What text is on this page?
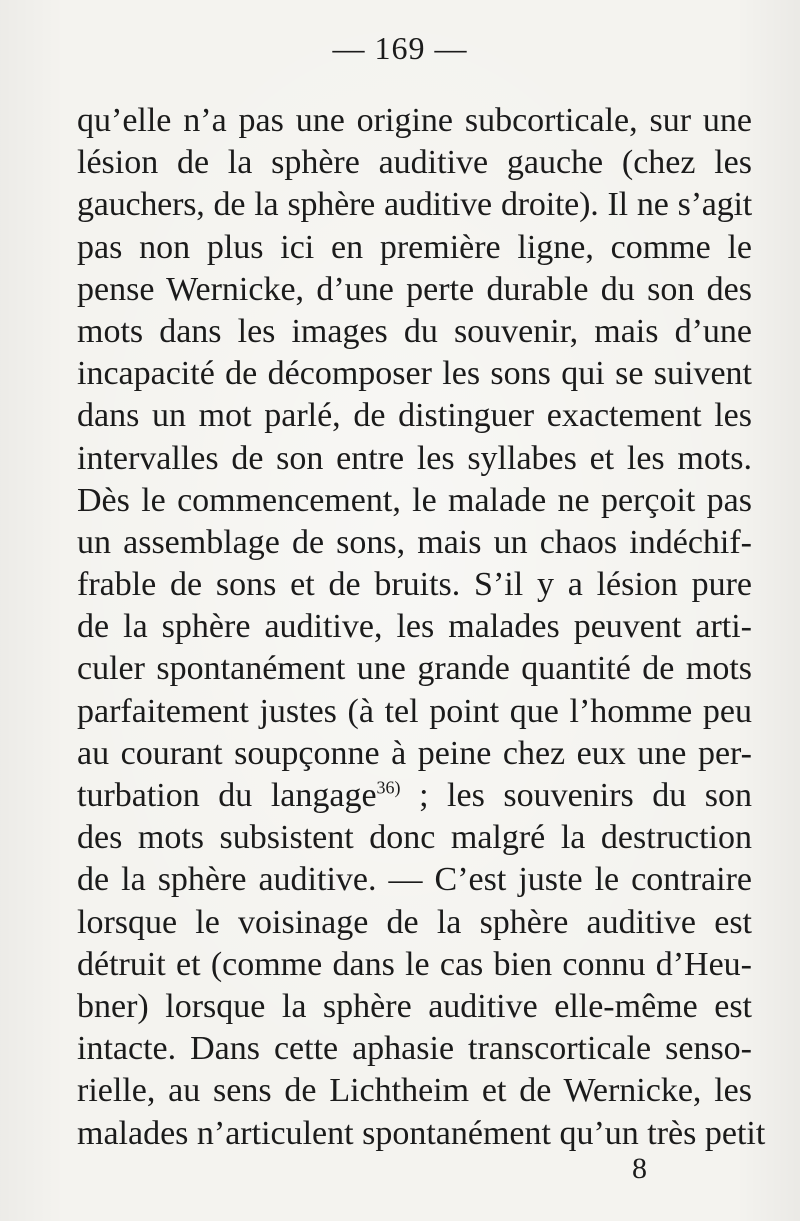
— 169 —
qu’elle n’a pas une origine subcorticale, sur une
lésion de la sphère auditive gauche (chez les
gauchers, de la sphère auditive droite). Il ne s’agit
pas non plus ici en première ligne, comme le
pense Wernicke, d’une perte durable du son des
mots dans les images du souvenir, mais d’une
incapacité de décomposer les sons qui se suivent
dans un mot parlé, de distinguer exactement les
intervalles de son entre les syllabes et les mots.
Dès le commencement, le malade ne perçoit pas
un assemblage de sons, mais un chaos indéchif-
frable de sons et de bruits. S’il y a lésion pure
de la sphère auditive, les malades peuvent arti-
culer spontanément une grande quantité de mots
parfaitement justes (à tel point que l’homme peu
au courant soupçonne à peine chez eux une per-
turbation du langage$^{36)}$ ; les souvenirs du son
des mots subsistent donc malgré la destruction
de la sphère auditive. — C’est juste le contraire
lorsque le voisinage de la sphère auditive est
détruit et (comme dans le cas bien connu d’Heu-
bner) lorsque la sphère auditive elle-même est
intacte. Dans cette aphasie transcorticale senso-
rielle, au sens de Lichtheim et de Wernicke, les
malades n’articulent spontanément qu’un très petit
8
